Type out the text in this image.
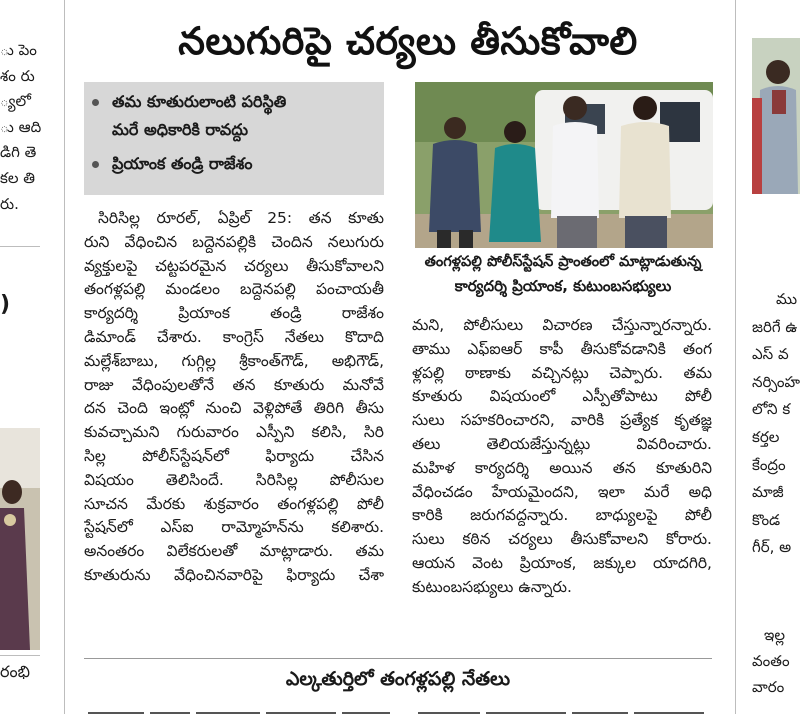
ు పెం
శం రు
్యలో
ు ఆది
డిగి తె
కల తి
రు.
)
రంభి
నలుగురిపై చర్యలు తీసుకోవాలి
తమ కూతురులాంటి పరిస్థితి
మరే అధికారికి రావద్దు
ప్రియాంక తండ్రి రాజేశం
తంగళ్లపల్లి పోలీస్‌స్టేషన్ ప్రాంతంలో మాట్లాడుతున్న
కార్యదర్శి ప్రియాంక, కుటుంబసభ్యులు
సిరిసిల్ల రూరల్, ఏప్రిల్ 25: తన కూతు
రుని వేధించిన బద్దెనపల్లికి చెందిన నలుగురు
వ్యక్తులపై చట్టపరమైన చర్యలు తీసుకోవాలని
తంగళ్లపల్లి మండలం బద్దెనపల్లి పంచాయతీ
కార్యదర్శి ప్రియాంక తండ్రి రాజేశం
డిమాండ్ చేశారు. కాంగ్రెస్ నేతలు కొదాది
మల్లేశ్‌బాబు, గుగ్గిల్ల శ్రీకాంత్‌గౌడ్, అభిగౌడ్,
రాజు వేధింపులతోనే తన కూతురు మనోవే
దన చెంది ఇంట్లో నుంచి వెళ్లిపోతే తిరిగి తీసు
కువచ్చామని గురువారం ఎస్పీని కలిసి, సిరి
సిల్ల పోలీస్‌స్టేషన్‌లో ఫిర్యాదు చేసిన
విషయం తెలిసిందే. సిరిసిల్ల పోలీసుల
సూచన మేరకు శుక్రవారం తంగళ్లపల్లి పోలీ
స్టేషన్‌లో ఎస్ఐ రామ్మోహన్‌ను కలిశారు.
అనంతరం విలేకరులతో మాట్లాడారు. తమ
కూతురును వేధించినవారిపై ఫిర్యాదు చేశా
మని, పోలీసులు విచారణ చేస్తున్నారన్నారు.
తాము ఎఫ్ఐఆర్ కాపీ తీసుకోవడానికి తంగ
ళ్లపల్లి ఠాణాకు వచ్చినట్లు చెప్పారు. తమ
కూతురు విషయంలో ఎస్పీతోపాటు పోలీ
సులు సహకరించారని, వారికి ప్రత్యేక కృతజ్ఞ
తలు తెలియజేస్తున్నట్లు వివరించారు.
మహిళ కార్యదర్శి అయిన తన కూతురిని
వేధించడం హేయమైందని, ఇలా మరే అధి
కారికి జరుగవద్దన్నారు. బాధ్యులపై పోలీ
సులు కఠిన చర్యలు తీసుకోవాలని కోరారు.
ఆయన వెంట ప్రియాంక, జక్కుల యాదగిరి,
కుటుంబసభ్యులు ఉన్నారు.
ఎల్కతుర్తిలో తంగళ్లపల్లి నేతలు
ము
జరిగే ఉ
ఎస్ వ
నర్సింహ
లోని క
కర్తల
కేంద్రం
మాజీ
కొండ
గీర్, అ
ఇల్ల
వంతం
వారం
